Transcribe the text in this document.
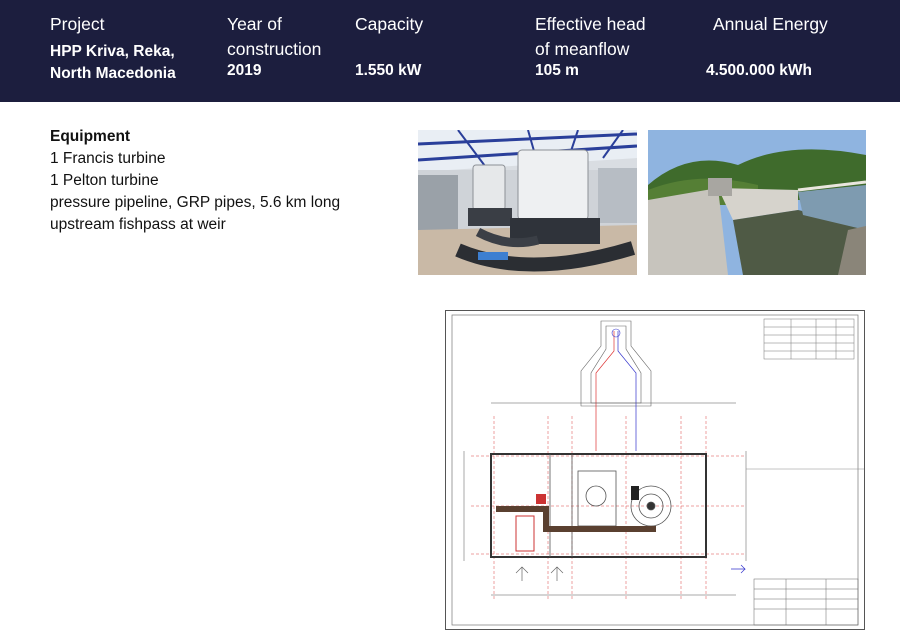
Project
HPP Kriva, Reka,
North Macedonia
Year of
construction
2019
Capacity
1.550 kW
Effective head
of meanflow
105 m
Annual Energy
4.500.000 kWh
Equipment
1 Francis turbine
1 Pelton turbine
pressure pipeline, GRP pipes, 5.6 km long
upstream fishpass at weir
